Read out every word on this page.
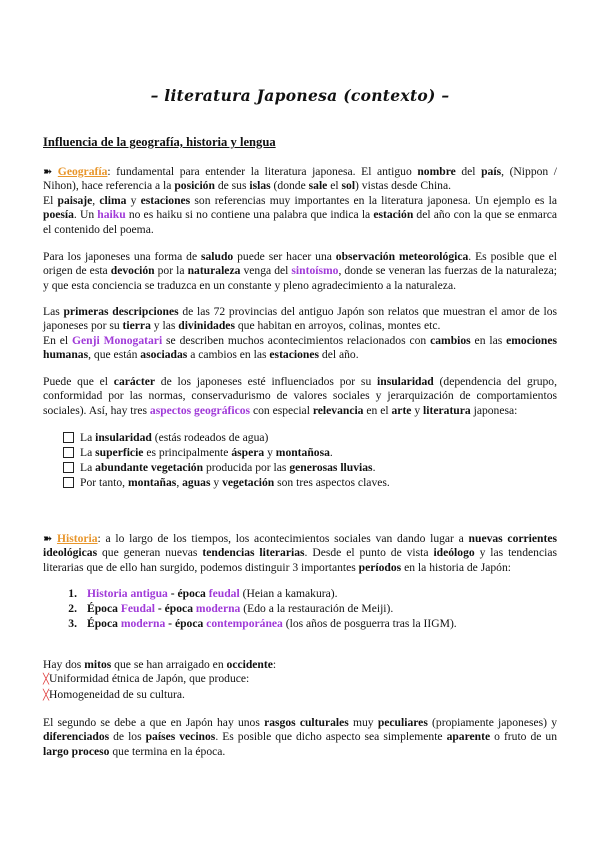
– literatura Japonesa (contexto) –
Influencia de la geografía, historia y lengua

➽ Geografía: fundamental para entender la literatura japonesa. El antiguo nombre del país, (Nippon / Nihon), hace referencia a la posición de sus islas (donde sale el sol) vistas desde China.

El paisaje, clima y estaciones son referencias muy importantes en la literatura japonesa. Un ejemplo es la poesía. Un haiku no es haiku si no contiene una palabra que indica la estación del año con la que se enmarca el contenido del poema.

Para los japoneses una forma de saludo puede ser hacer una observación meteorológica. Es posible que el origen de esta devoción por la naturaleza venga del sintoísmo, donde se veneran las fuerzas de la naturaleza; y que esta conciencia se traduzca en un constante y pleno agradecimiento a la naturaleza.

Las primeras descripciones de las 72 provincias del antiguo Japón son relatos que muestran el amor de los japoneses por su tierra y las divinidades que habitan en arroyos, colinas, montes etc.

En el Genji Monogatari se describen muchos acontecimientos relacionados con cambios en las emociones humanas, que están asociadas a cambios en las estaciones del año.

Puede que el carácter de los japoneses esté influenciados por su insularidad (dependencia del grupo, conformidad por las normas, conservadurismo de valores sociales y jerarquización de comportamientos sociales). Así, hay tres aspectos geográficos con especial relevancia en el arte y literatura japonesa:

La insularidad (estás rodeados de agua)
La superficie es principalmente áspera y montañosa.
La abundante vegetación producida por las generosas lluvias.
Por tanto, montañas, aguas y vegetación son tres aspectos claves.

➽ Historia: a lo largo de los tiempos, los acontecimientos sociales van dando lugar a nuevas corrientes ideológicas que generan nuevas tendencias literarias. Desde el punto de vista ideólogo y las tendencias literarias que de ello han surgido, podemos distinguir 3 importantes períodos en la historia de Japón:

1. Historia antigua - época feudal (Heian a kamakura).
2. Época Feudal - época moderna (Edo a la restauración de Meiji).
3. Época moderna - época contemporánea (los años de posguerra tras la IIGM).

Hay dos mitos que se han arraigado en occidente:

╳Uniformidad étnica de Japón, que produce:

╳Homogeneidad de su cultura.

El segundo se debe a que en Japón hay unos rasgos culturales muy peculiares (propiamente japoneses) y diferenciados de los países vecinos. Es posible que dicho aspecto sea simplemente aparente o fruto de un largo proceso que termina en la época.
